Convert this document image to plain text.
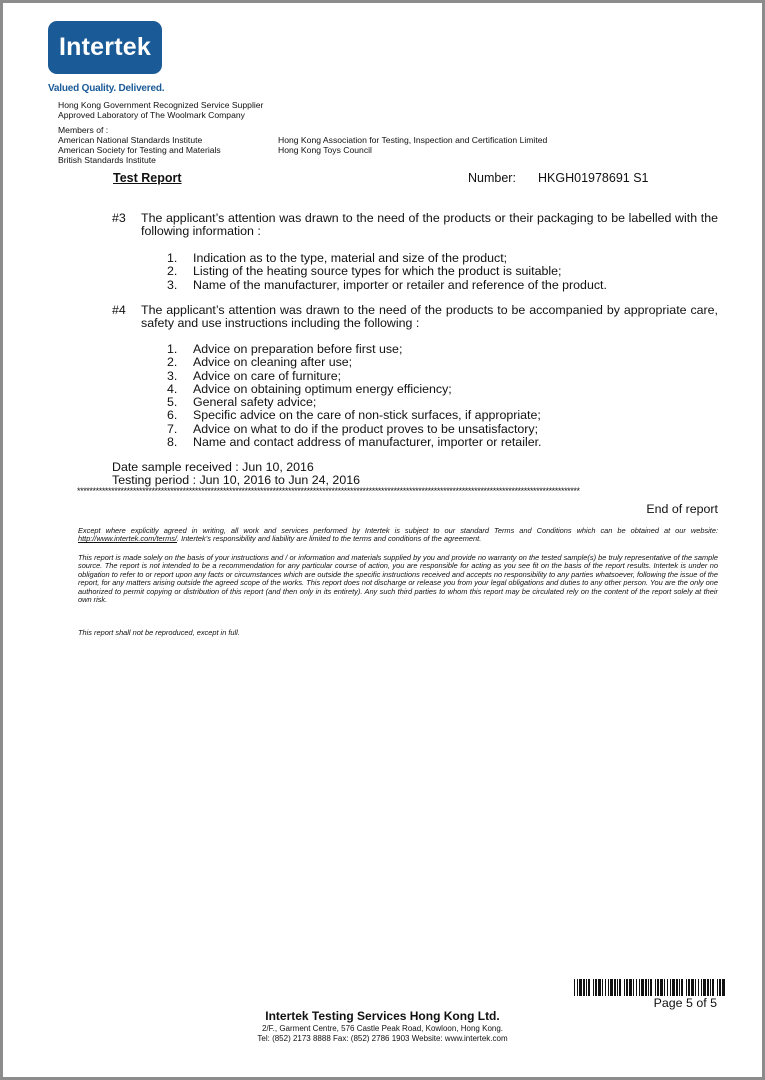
Intertek
Valued Quality. Delivered.
Hong Kong Government Recognized Service Supplier
Approved Laboratory of The Woolmark Company
Members of :
American National Standards Institute
American Society for Testing and Materials
British Standards Institute
Hong Kong Association for Testing, Inspection and Certification Limited
Hong Kong Toys Council
Test Report	Number: HKGH01978691 S1
#3 The applicant’s attention was drawn to the need of the products or their packaging to be labelled with the following information :
1.	Indication as to the type, material and size of the product;
2.	Listing of the heating source types for which the product is suitable;
3.	Name of the manufacturer, importer or retailer and reference of the product.
#4 The applicant’s attention was drawn to the need of the products to be accompanied by appropriate care, safety and use instructions including the following :
1.	Advice on preparation before first use;
2.	Advice on cleaning after use;
3.	Advice on care of furniture;
4.	Advice on obtaining optimum energy efficiency;
5.	General safety advice;
6.	Specific advice on the care of non-stick surfaces, if appropriate;
7.	Advice on what to do if the product proves to be unsatisfactory;
8.	Name and contact address of manufacturer, importer or retailer.
Date sample received : Jun 10, 2016
Testing period : Jun 10, 2016 to Jun 24, 2016
******************************************************************************************************************************************************************
End of report
Except where explicitly agreed in writing, all work and services performed by Intertek is subject to our standard Terms and Conditions which can be obtained at our website: http://www.intertek.com/terms/. Intertek’s responsibility and liability are limited to the terms and conditions of the agreement.
This report is made solely on the basis of your instructions and / or information and materials supplied by you and provide no warranty on the tested sample(s) be truly representative of the sample source. The report is not intended to be a recommendation for any particular course of action, you are responsible for acting as you see fit on the basis of the report results. Intertek is under no obligation to refer to or report upon any facts or circumstances which are outside the specific instructions received and accepts no responsibility to any parties whatsoever, following the issue of the report, for any matters arising outside the agreed scope of the works. This report does not discharge or release you from your legal obligations and duties to any other person. You are the only one authorized to permit copying or distribution of this report (and then only in its entirety). Any such third parties to whom this report may be circulated rely on the content of the report solely at their own risk.
This report shall not be reproduced, except in full.
Page 5 of 5
Intertek Testing Services Hong Kong Ltd.
2/F., Garment Centre, 576 Castle Peak Road, Kowloon, Hong Kong.
Tel: (852) 2173 8888 Fax: (852) 2786 1903 Website: www.intertek.com
